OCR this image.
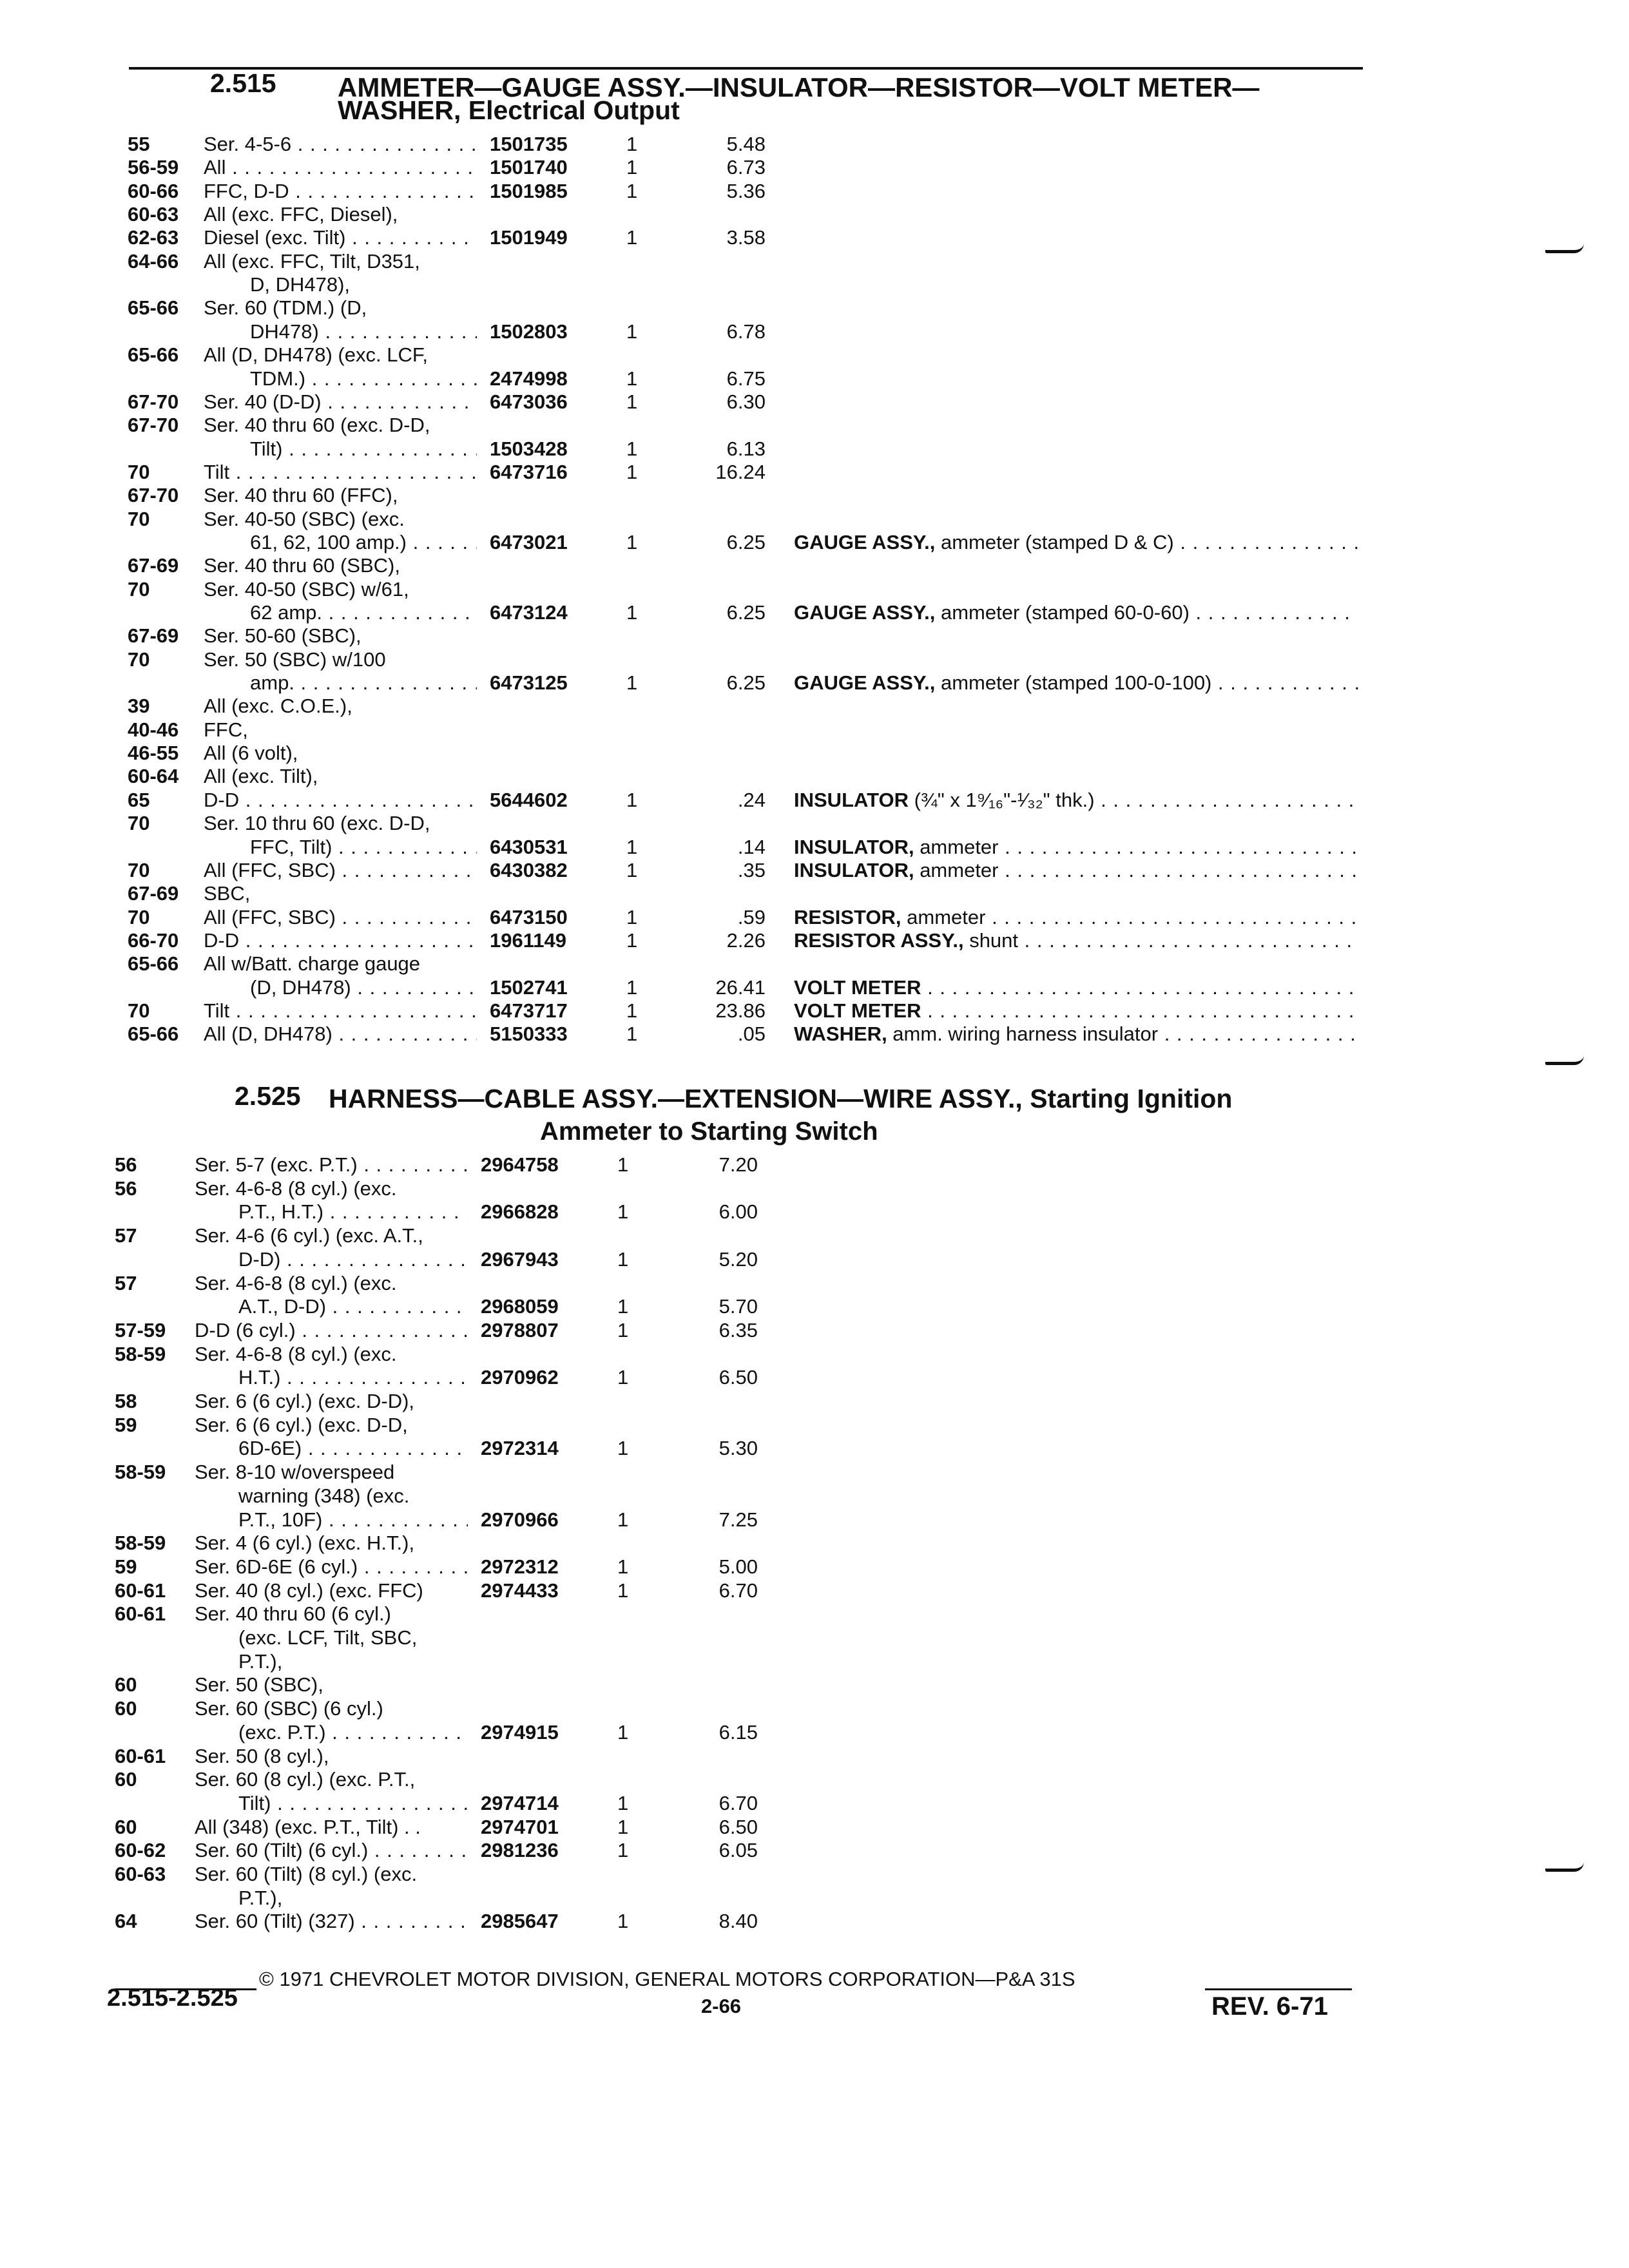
2.515 AMMETER—GAUGE ASSY.—INSULATOR—RESISTOR—VOLT METER—
WASHER, Electrical Output
55	Ser. 4-5-6 . . .	1501735	1	5.48
56-59 All . . .	1501740	1	6.73
60-66 FFC, D-D . . .	1501985	1	5.36
60-63 All (exc. FFC, Diesel),
62-63 Diesel (exc. Tilt) . . .	1501949	1	3.58
64-66 All (exc. FFC, Tilt, D351,
D, DH478),
65-66 Ser. 60 (TDM.) (D,
DH478) . . .	1502803	1	6.78
65-66 All (D, DH478) (exc. LCF,
TDM.) . . .	2474998	1	6.75
67-70 Ser. 40 (D-D) . . .	6473036	1	6.30
67-70 Ser. 40 thru 60 (exc. D-D,
Tilt) . . .	1503428	1	6.13
70	Tilt . . .	6473716	1	16.24
67-70 Ser. 40 thru 60 (FFC),
70	Ser. 40-50 (SBC) (exc.
61, 62, 100 amp.) . . .	6473021	1	6.25 GAUGE ASSY., ammeter (stamped D & C) . . .
67-69 Ser. 40 thru 60 (SBC),
70	Ser. 40-50 (SBC) w/61,
62 amp. . . .	6473124	1	6.25 GAUGE ASSY., ammeter (stamped 60-0-60) . . .
67-69 Ser. 50-60 (SBC),
70	Ser. 50 (SBC) w/100
amp. . . .	6473125	1	6.25 GAUGE ASSY., ammeter (stamped 100-0-100) . . .
39	All (exc. C.O.E.),
40-46 FFC,
46-55 All (6 volt),
60-64 All (exc. Tilt),
65	D-D . . .	5644602	1	.24 INSULATOR (¾" x 1⁹⁄₁₆"-¹⁄₃₂" thk.) . . .
70	Ser. 10 thru 60 (exc. D-D,
FFC, Tilt) . . .	6430531	1	.14 INSULATOR, ammeter . . .
70	All (FFC, SBC) . . .	6430382	1	.35 INSULATOR, ammeter . . .
67-69 SBC,
70	All (FFC, SBC) . . .	6473150	1	.59 RESISTOR, ammeter . . .
66-70 D-D . . .	1961149	1	2.26 RESISTOR ASSY., shunt . . .
65-66 All w/Batt. charge gauge
(D, DH478) . . .	1502741	1	26.41 VOLT METER . . .
70	Tilt . . .	6473717	1	23.86 VOLT METER . . .
65-66 All (D, DH478) . . .	5150333	1	.05 WASHER, amm. wiring harness insulator . . .
2.525 HARNESS—CABLE ASSY.—EXTENSION—WIRE ASSY., Starting Ignition
Ammeter to Starting Switch
56	Ser. 5-7 (exc. P.T.) . . .	2964758	1	7.20
56	Ser. 4-6-8 (8 cyl.) (exc.
P.T., H.T.) . . .	2966828	1	6.00
57	Ser. 4-6 (6 cyl.) (exc. A.T.,
D-D) . . .	2967943	1	5.20
57	Ser. 4-6-8 (8 cyl.) (exc.
A.T., D-D) . . .	2968059	1	5.70
57-59 D-D (6 cyl.) . . .	2978807	1	6.35
58-59 Ser. 4-6-8 (8 cyl.) (exc.
H.T.) . . .	2970962	1	6.50
58	Ser. 6 (6 cyl.) (exc. D-D),
59	Ser. 6 (6 cyl.) (exc. D-D,
6D-6E) . . .	2972314	1	5.30
58-59 Ser. 8-10 w/overspeed
warning (348) (exc.
P.T., 10F) . . .	2970966	1	7.25
58-59 Ser. 4 (6 cyl.) (exc. H.T.),
59	Ser. 6D-6E (6 cyl.) . . .	2972312	1	5.00
60-61 Ser. 40 (8 cyl.) (exc. FFC)	2974433	1	6.70
60-61 Ser. 40 thru 60 (6 cyl.)
(exc. LCF, Tilt, SBC,
P.T.),
60	Ser. 50 (SBC),
60	Ser. 60 (SBC) (6 cyl.)
(exc. P.T.) . . .	2974915	1	6.15
60-61 Ser. 50 (8 cyl.),
60	Ser. 60 (8 cyl.) (exc. P.T.,
Tilt) . . .	2974714	1	6.70
60	All (348) (exc. P.T., Tilt) . .	2974701	1	6.50
60-62 Ser. 60 (Tilt) (6 cyl.) . . .	2981236	1	6.05
60-63 Ser. 60 (Tilt) (8 cyl.) (exc.
P.T.),
64	Ser. 60 (Tilt) (327) . . .	2985647	1	8.40
© 1971 CHEVROLET MOTOR DIVISION, GENERAL MOTORS CORPORATION—P&A 31S
2.515-2.525	2-66	REV. 6-71
